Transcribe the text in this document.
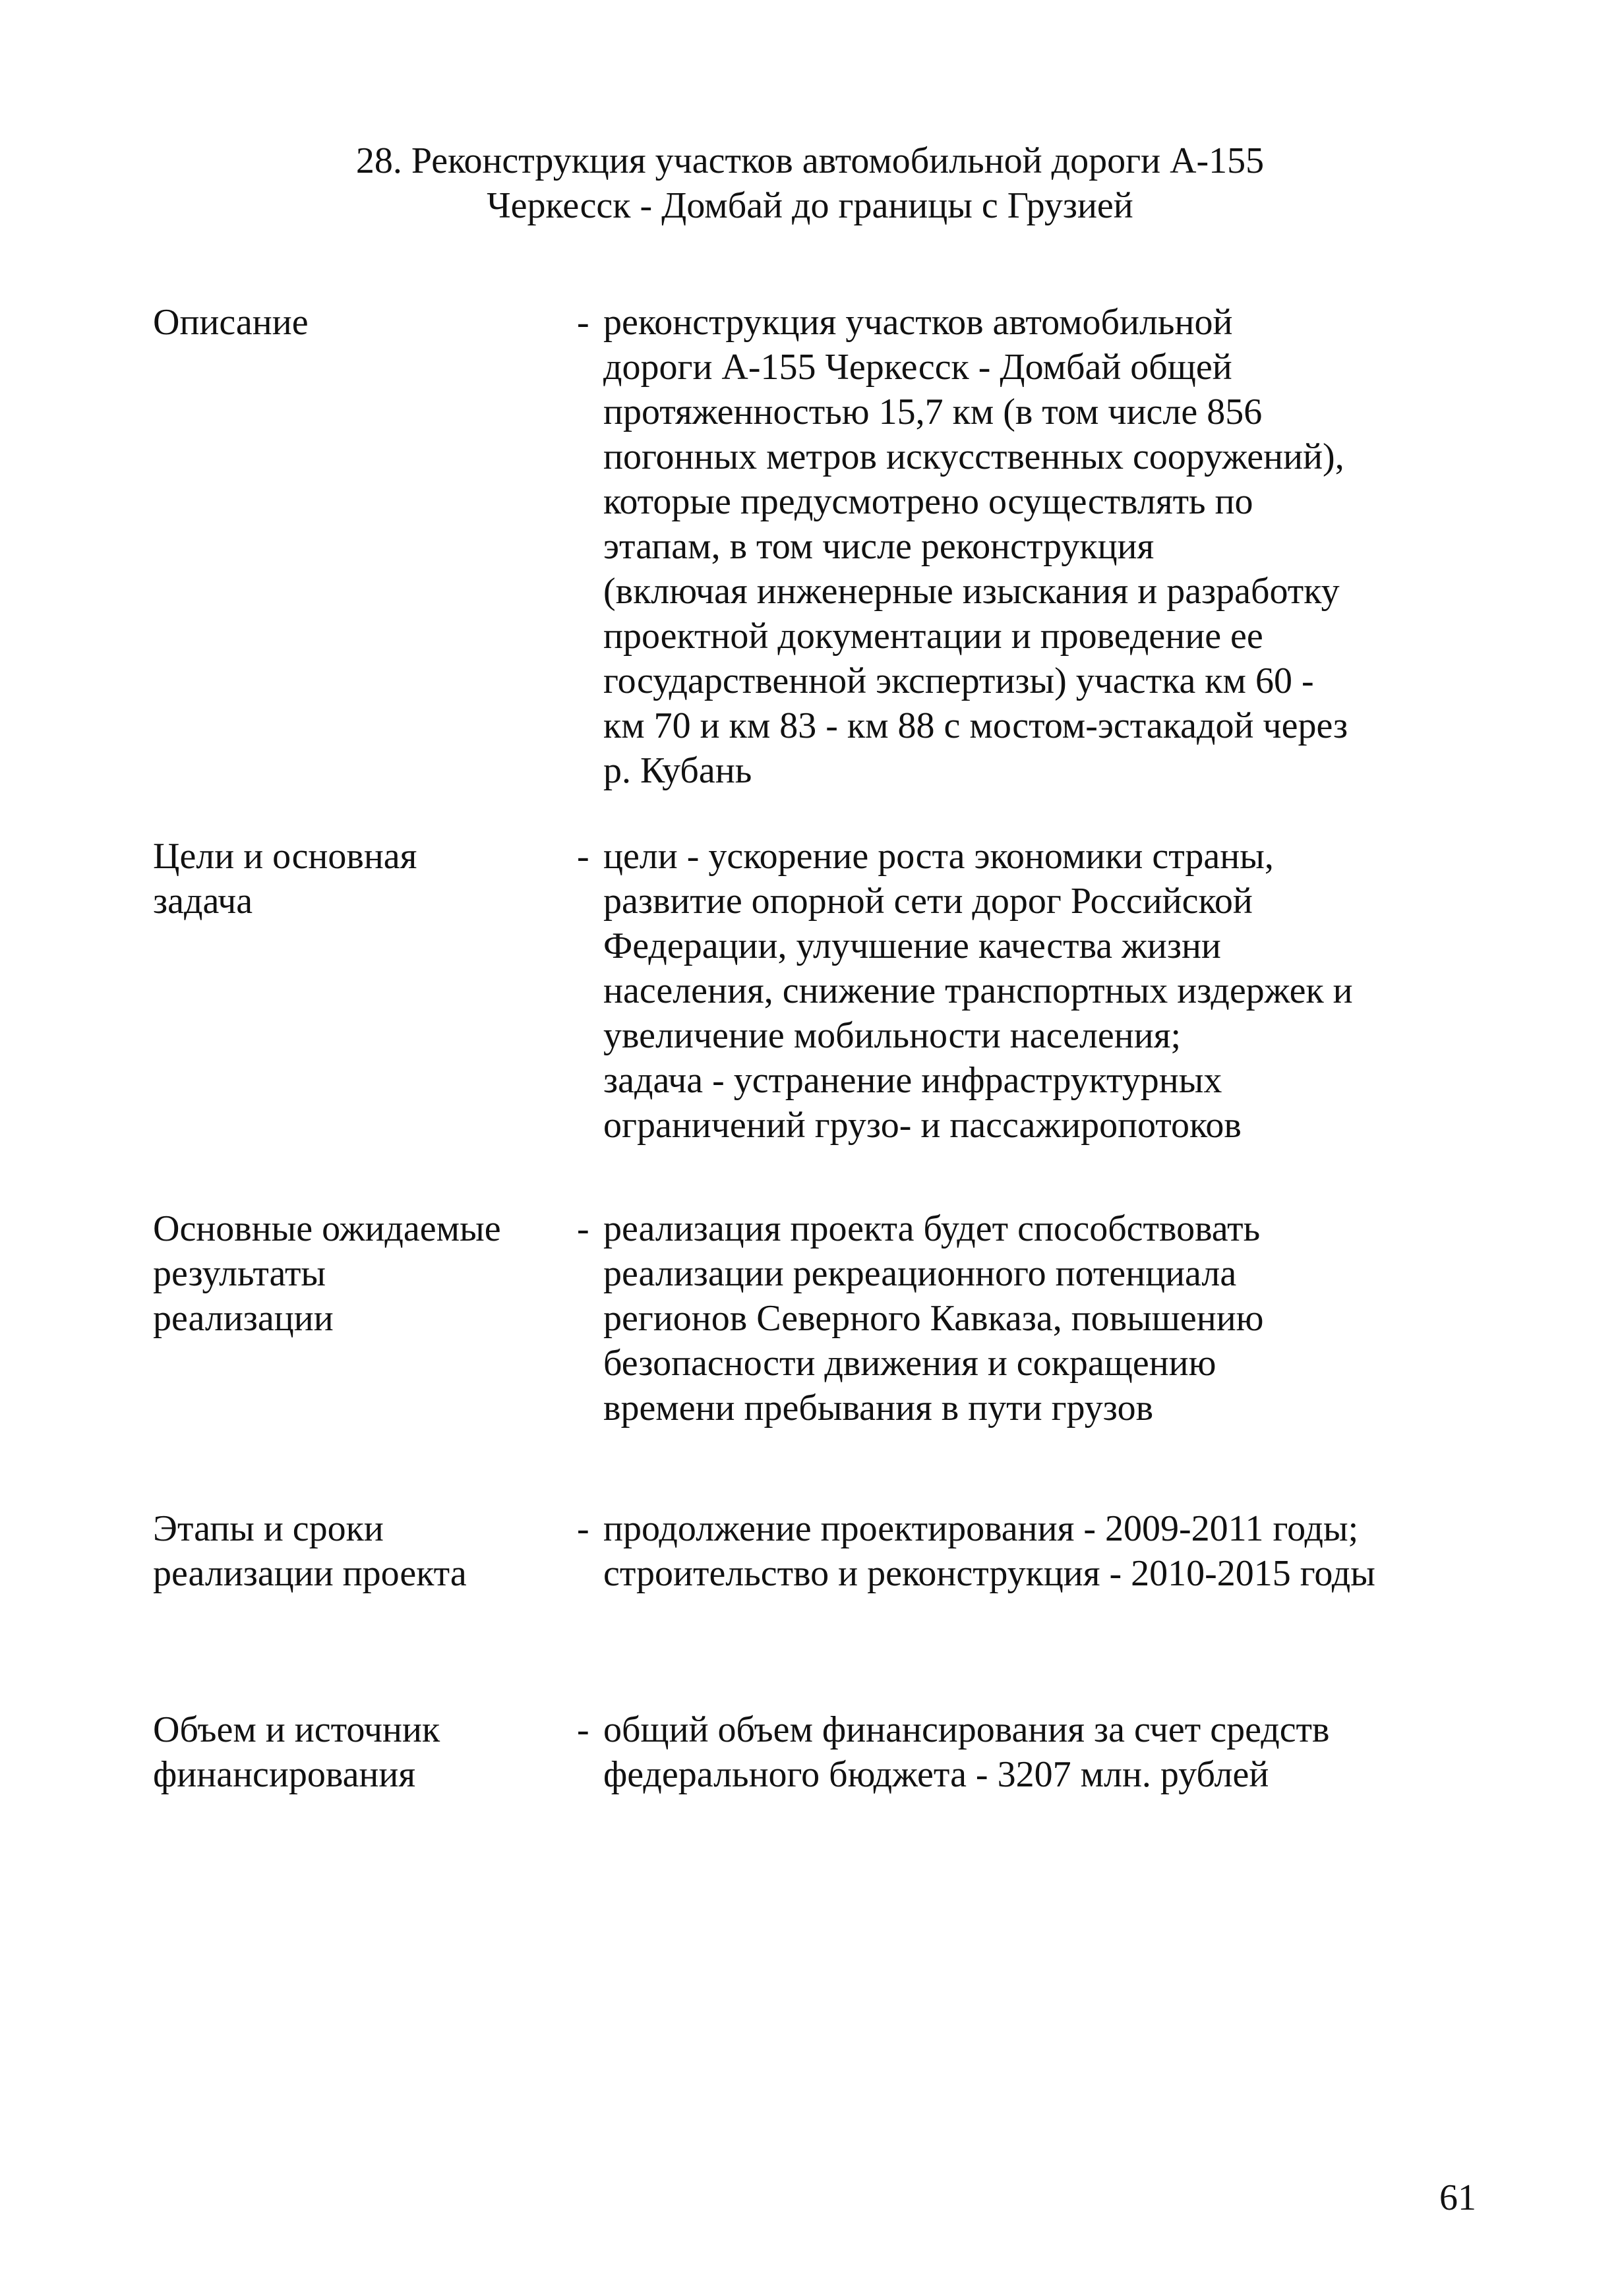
28. Реконструкция участков автомобильной дороги А-155
Черкесск - Домбай до границы с Грузией
Описание	- реконструкция участков автомобильной
дороги А-155 Черкесск - Домбай общей
протяженностью 15,7 км (в том числе 856
погонных метров искусственных сооружений),
которые предусмотрено осуществлять по
этапам, в том числе реконструкция
(включая инженерные изыскания и разработку
проектной документации и проведение ее
государственной экспертизы) участка км 60 -
км 70 и км 83 - км 88 с мостом-эстакадой через
р. Кубань
Цели и основная
задача
- цели - ускорение роста экономики страны,
развитие опорной сети дорог Российской
Федерации, улучшение качества жизни
населения, снижение транспортных издержек и
увеличение мобильности населения;
задача - устранение инфраструктурных
ограничений грузо- и пассажиропотоков
Основные ожидаемые
результаты
реализации
- реализация проекта будет способствовать
реализации рекреационного потенциала
регионов Северного Кавказа, повышению
безопасности движения и сокращению
времени пребывания в пути грузов
Этапы и сроки
реализации проекта
- продолжение проектирования - 2009-2011 годы;
строительство и реконструкция - 2010-2015 годы
Объем и источник
финансирования
- общий объем финансирования за счет средств
федерального бюджета - 3207 млн. рублей
61
